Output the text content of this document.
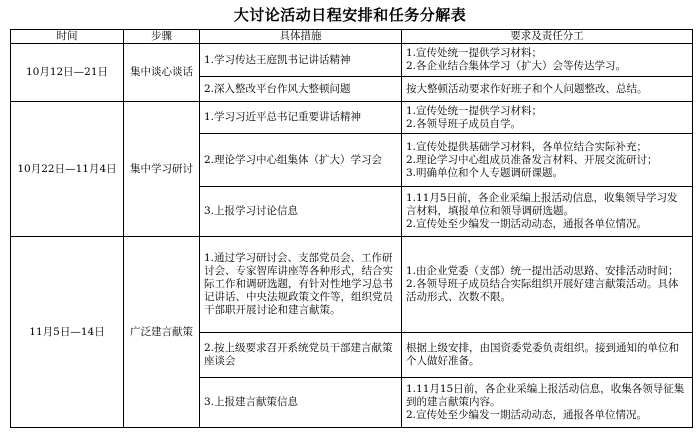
大讨论活动日程安排和任务分解表
时间	步骤	具体措施	要求及责任分工
10月12日—21日	集中谈心谈话	1.学习传达王庭凯书记讲话精神	1.宣传处统一提供学习材料；
2.各企业结合集体学习（扩大）会等传达学习。

		2.深入整改平台作风大整顿问题	按大整顿活动要求作好班子和个人问题整改、总结。

10月22日—11月4日	集中学习研讨	1.学习习近平总书记重要讲话精神	1.宣传处统一提供学习材料；
2.各领导班子成员自学。

		2.理论学习中心组集体（扩大）学习会	1.宣传处提供基础学习材料，各单位结合实际补充；
2.理论学习中心组成员准备发言材料、开展交流研讨；
3.明确单位和个人专题调研课题。

		3.上报学习讨论信息	1.11月5日前，各企业采编上报活动信息，收集领导学习发言材料，填报单位和领导调研选题。
2.宣传处至少编发一期活动动态，通报各单位情况。

11月5日—14日	广泛建言献策	1.通过学习研讨会、支部党员会、工作研讨会、专家智库讲座等各种形式，结合实际工作和调研选题，有针对性地学习总书记讲话、中央法规政策文件等，组织党员干部职开展讨论和建言献策。	1.由企业党委（支部）统一提出活动思路、安排活动时间；
2.各领导班子成员结合实际组织开展好建言献策活动。具体活动形式、次数不限。

		2.按上级要求召开系统党员干部建言献策座谈会	根据上级安排，由国资委党委负责组织。接到通知的单位和个人做好准备。

		3.上报建言献策信息	1.11月15日前，各企业采编上报活动信息，收集各领导征集到的建言献策内容。
2.宣传处至少编发一期活动动态，通报各单位情况。
